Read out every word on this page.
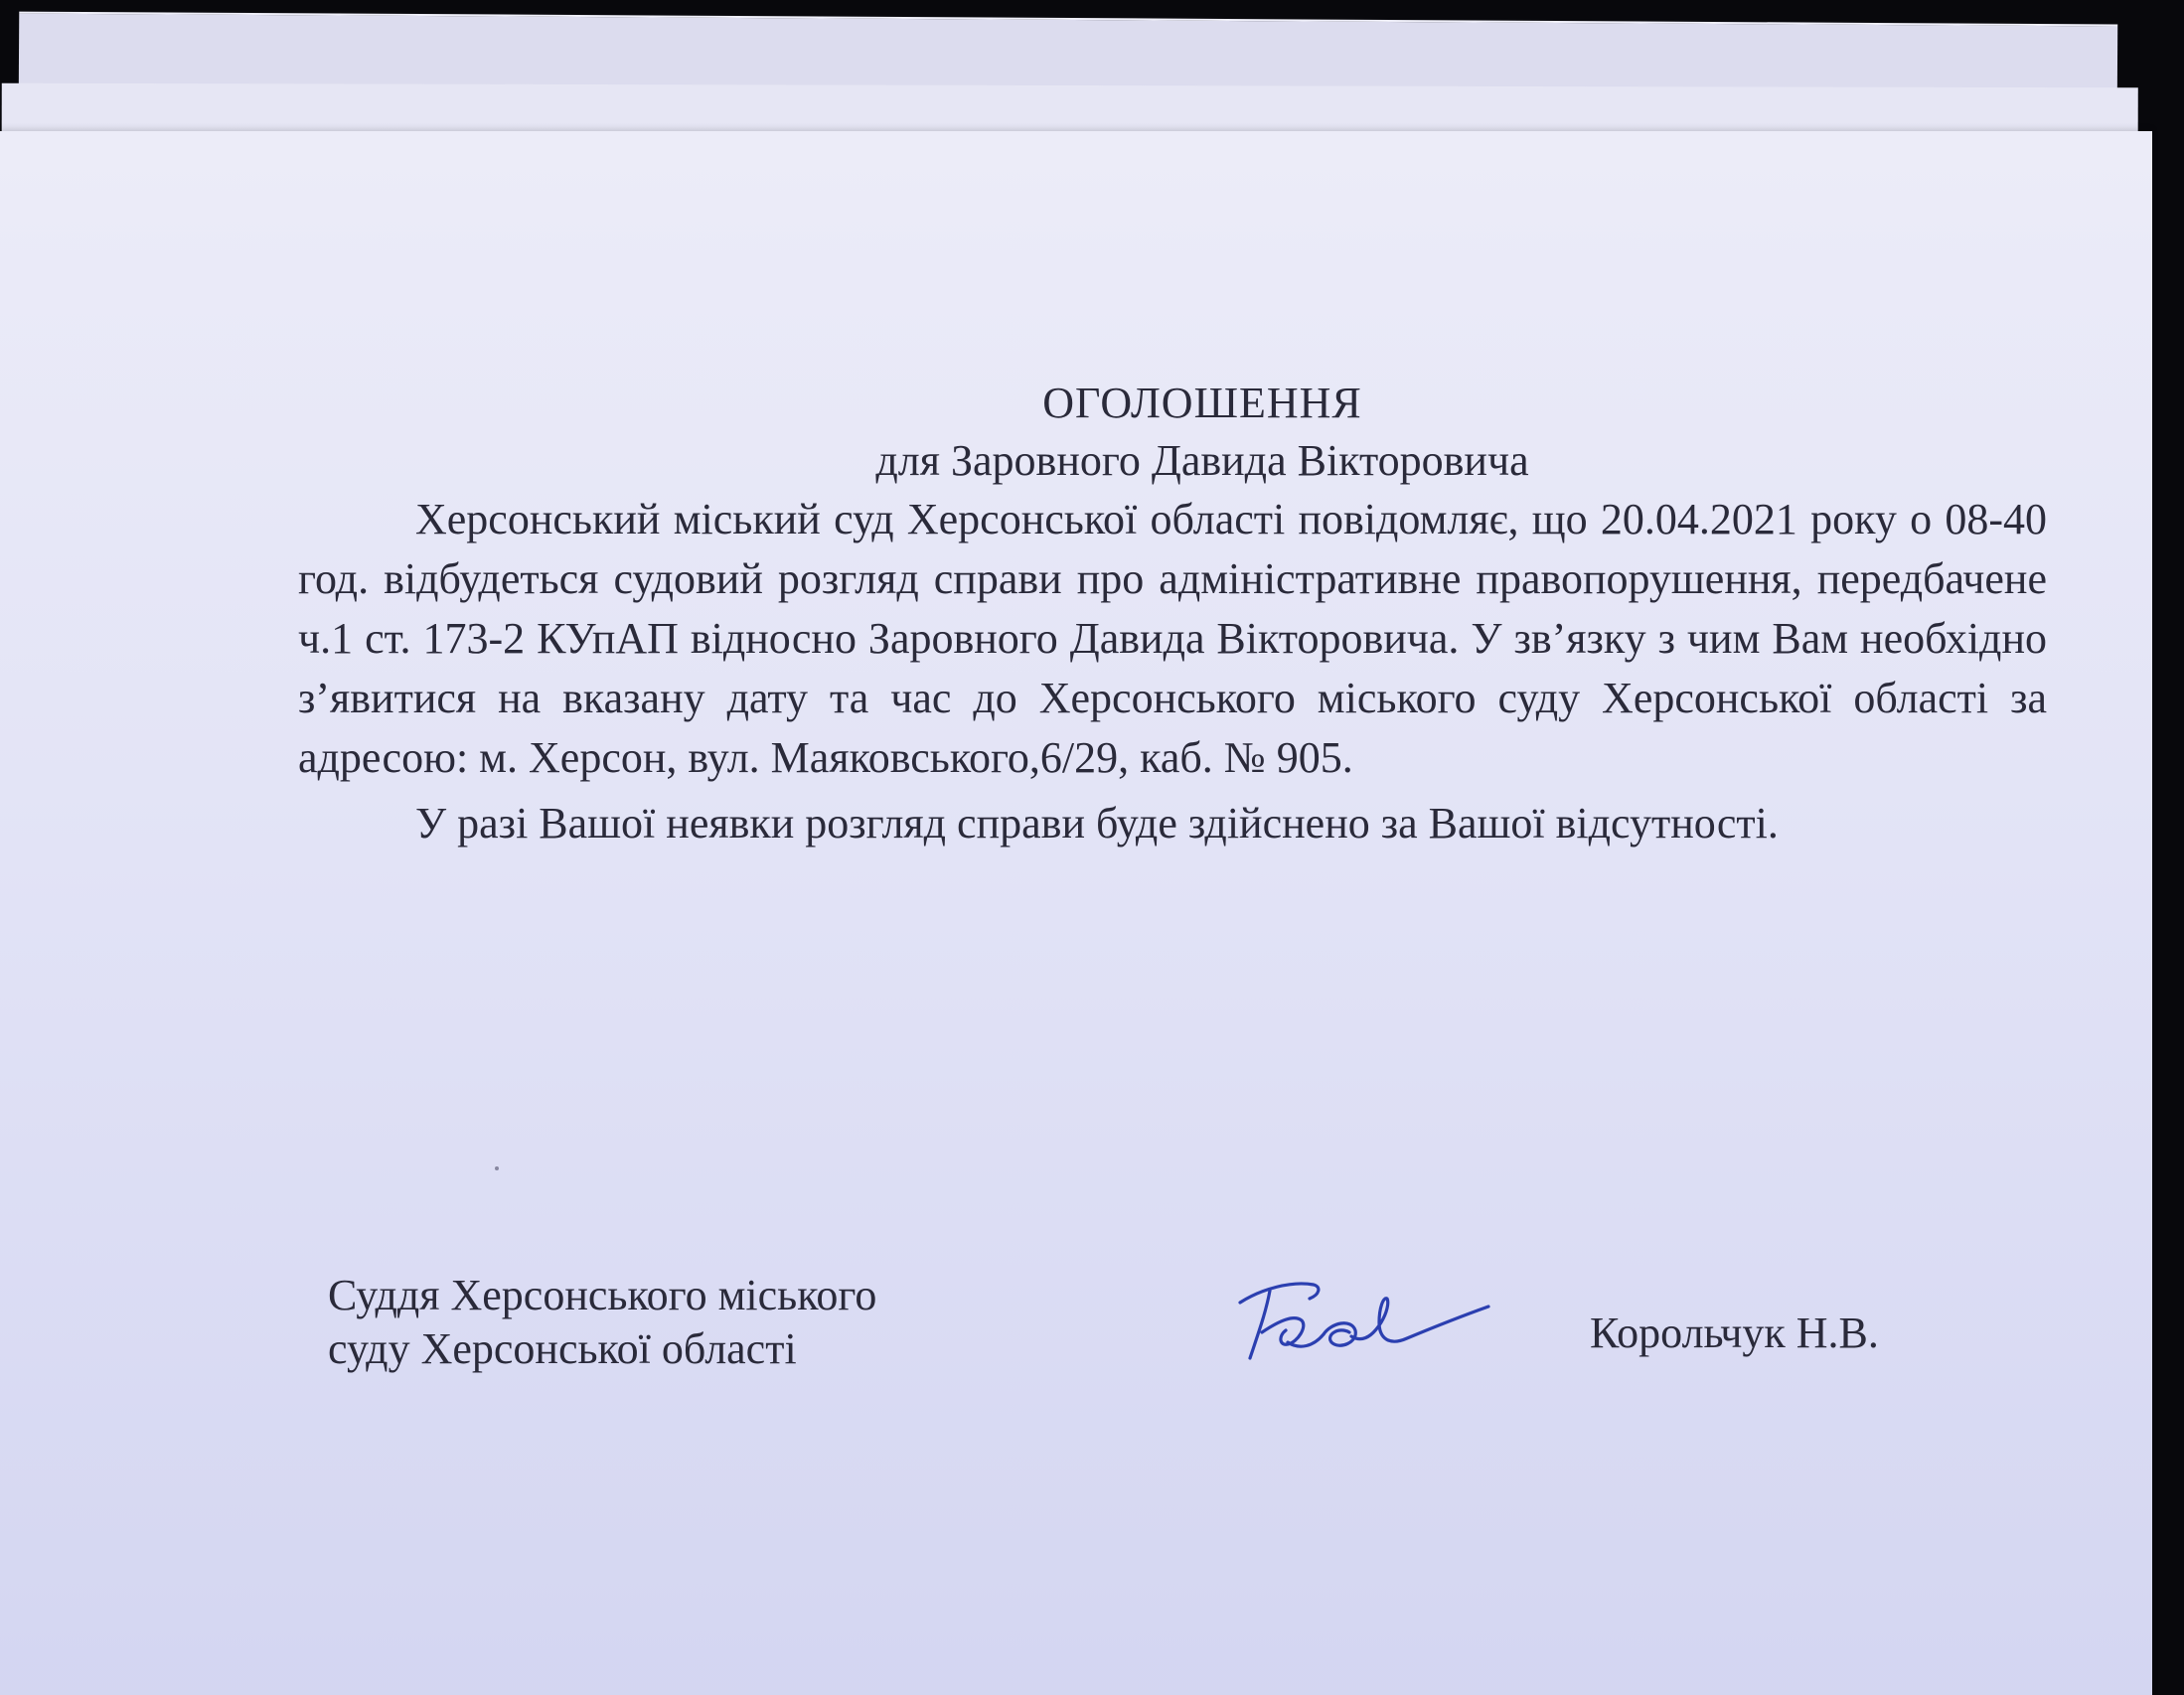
ОГОЛОШЕННЯ

для Заровного Давида Вікторовича

Херсонський міський суд Херсонської області повідомляє, що 20.04.2021 року о 08-40 год. відбудеться судовий розгляд справи про адміністративне правопорушення, передбачене ч.1 ст. 173-2 КУпАП відносно Заровного Давида Вікторовича. У зв’язку з чим Вам необхідно з’явитися на вказану дату та час до Херсонського міського суду Херсонської області за адресою: м. Херсон, вул. Маяковського,6/29, каб. № 905.

У разі Вашої неявки розгляд справи буде здійснено за Вашої відсутності.

Суддя Херсонського міського
суду Херсонської області	Корольчук Н.В.
